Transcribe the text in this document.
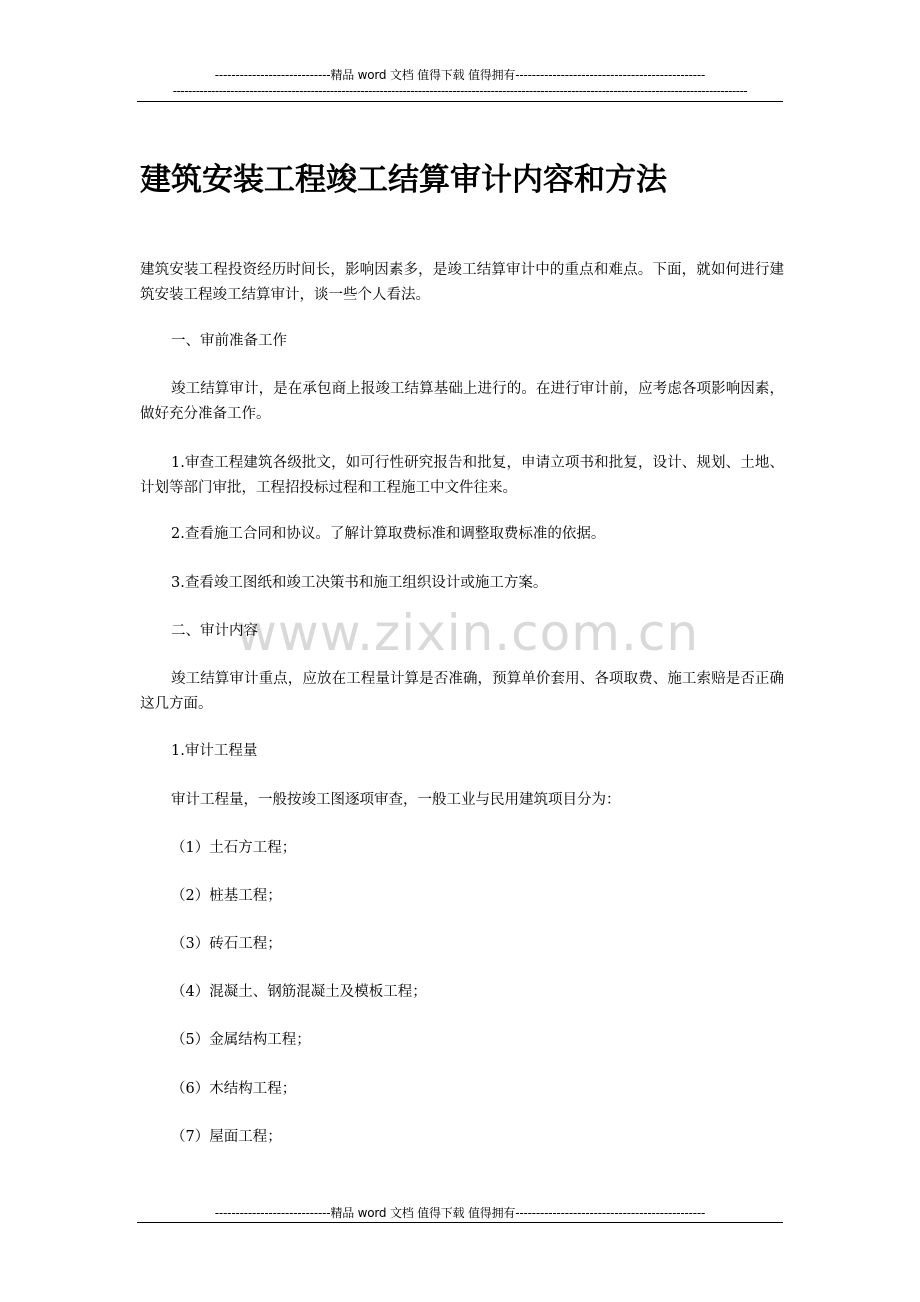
----------------------------精品 word 文档 值得下载 值得拥有----------------------------------------------
------------------------------------------------------------------------------------------------------------------------------------------------------
建筑安装工程竣工结算审计内容和方法
www.zixin.com.cn
建筑安装工程投资经历时间长，影响因素多，是竣工结算审计中的重点和难点。下面，就如何进行建筑安装工程竣工结算审计，谈一些个人看法。
一、审前准备工作
竣工结算审计，是在承包商上报竣工结算基础上进行的。在进行审计前，应考虑各项影响因素，做好充分准备工作。
1.审查工程建筑各级批文，如可行性研究报告和批复，申请立项书和批复，设计、规划、土地、计划等部门审批，工程招投标过程和工程施工中文件往来。
2.查看施工合同和协议。了解计算取费标准和调整取费标准的依据。
3.查看竣工图纸和竣工决策书和施工组织设计或施工方案。
二、审计内容
竣工结算审计重点，应放在工程量计算是否准确，预算单价套用、各项取费、施工索赔是否正确这几方面。
1.审计工程量
审计工程量，一般按竣工图逐项审查，一般工业与民用建筑项目分为：
（1）土石方工程；
（2）桩基工程；
（3）砖石工程；
（4）混凝土、钢筋混凝土及模板工程；
（5）金属结构工程；
（6）木结构工程；
（7）屋面工程；
----------------------------精品 word 文档 值得下载 值得拥有----------------------------------------------
